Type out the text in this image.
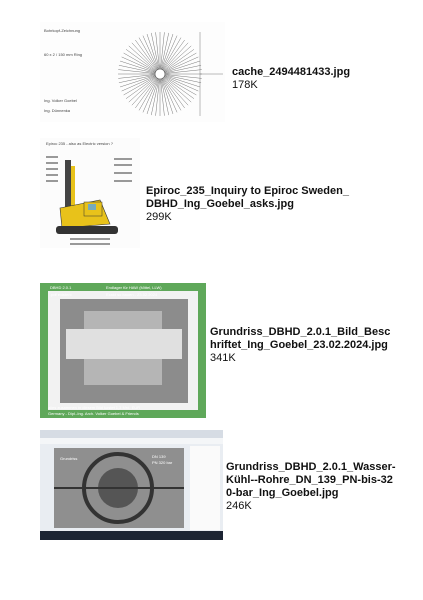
Bohrkopf-Zeichnung
60 x 2 / 150 mm Ring
Ing. Volker Goebel
Ing. Dünnenka
cache_2494481433.jpg
178K
Epiroc 235 - also as Electric version ?
Epiroc_235_Inquiry to Epiroc Sweden_DBHD_Ing_Goebel_asks.jpg
299K
DBHD 2.0.1	Endlager für HAW (Mittel, LLW)
.pdf existent	Exakt so bauen - 23.02.2024
alles zusammen in diesem Bild kostet 1,3 Mrd. EUR
Germany - Dipl.-Ing. Arch. Volker Goebel & Friends
Grundriss_DBHD_2.0.1_Bild_Beschriftet_Ing_Goebel_23.02.2024.jpg
341K
Grundriss	DN 139
PN 320 bar	Grundriss_DBHD_2.0.1_Wasser-Kühl--Rohre_DN_139_PN-bis-320-bar_Ing_Goebel.jpg
246K
